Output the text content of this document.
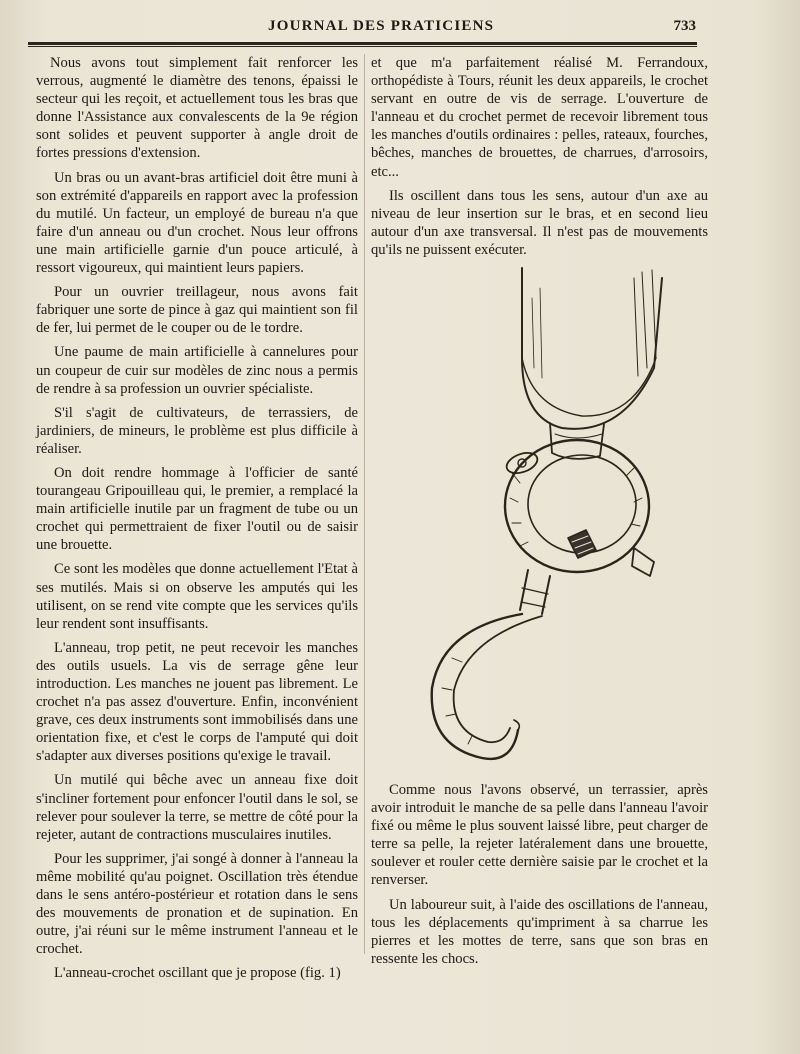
JOURNAL DES PRATICIENS	733

Nous avons tout simplement fait renforcer les verrous, augmenté le diamètre des tenons, épaissi le secteur qui les reçoit, et actuellement tous les bras que donne l'Assistance aux convalescents de la 9e région sont solides et peuvent supporter à angle droit de fortes pressions d'extension.

Un bras ou un avant-bras artificiel doit être muni à son extrémité d'appareils en rapport avec la profession du mutilé. Un facteur, un employé de bureau n'a que faire d'un anneau ou d'un crochet. Nous leur offrons une main artificielle garnie d'un pouce articulé, à ressort vigoureux, qui maintient leurs papiers.

Pour un ouvrier treillageur, nous avons fait fabriquer une sorte de pince à gaz qui maintient son fil de fer, lui permet de le couper ou de le tordre.

Une paume de main artificielle à cannelures pour un coupeur de cuir sur modèles de zinc nous a permis de rendre à sa profession un ouvrier spécialiste.

S'il s'agit de cultivateurs, de terrassiers, de jardiniers, de mineurs, le problème est plus difficile à réaliser.

On doit rendre hommage à l'officier de santé tourangeau Gripouilleau qui, le premier, a remplacé la main artificielle inutile par un fragment de tube ou un crochet qui permettraient de fixer l'outil ou de saisir une brouette.

Ce sont les modèles que donne actuellement l'Etat à ses mutilés. Mais si on observe les amputés qui les utilisent, on se rend vite compte que les services qu'ils leur rendent sont insuffisants.

L'anneau, trop petit, ne peut recevoir les manches des outils usuels. La vis de serrage gêne leur introduction. Les manches ne jouent pas librement. Le crochet n'a pas assez d'ouverture. Enfin, inconvénient grave, ces deux instruments sont immobilisés dans une orientation fixe, et c'est le corps de l'amputé qui doit s'adapter aux diverses positions qu'exige le travail.

Un mutilé qui bêche avec un anneau fixe doit s'incliner fortement pour enfoncer l'outil dans le sol, se relever pour soulever la terre, se mettre de côté pour la rejeter, autant de contractions musculaires inutiles.

Pour les supprimer, j'ai songé à donner à l'anneau la même mobilité qu'au poignet. Oscillation très étendue dans le sens antéro-postérieur et rotation dans le sens des mouvements de pronation et de supination. En outre, j'ai réuni sur le même instrument l'anneau et le crochet.

L'anneau-crochet oscillant que je propose (fig. 1)

et que m'a parfaitement réalisé M. Ferrandoux, orthopédiste à Tours, réunit les deux appareils, le crochet servant en outre de vis de serrage. L'ouverture de l'anneau et du crochet permet de recevoir librement tous les manches d'outils ordinaires : pelles, rateaux, fourches, bêches, manches de brouettes, de charrues, d'arrosoirs, etc...

Ils oscillent dans tous les sens, autour d'un axe au niveau de leur insertion sur le bras, et en second lieu autour d'un axe transversal. Il n'est pas de mouvements qu'ils ne puissent exécuter.

Comme nous l'avons observé, un terrassier, après avoir introduit le manche de sa pelle dans l'anneau l'avoir fixé ou même le plus souvent laissé libre, peut charger de terre sa pelle, la rejeter latéralement dans une brouette, soulever et rouler cette dernière saisie par le crochet et la renverser.

Un laboureur suit, à l'aide des oscillations de l'anneau, tous les déplacements qu'impriment à sa charrue les pierres et les mottes de terre, sans que son bras en ressente les chocs.
